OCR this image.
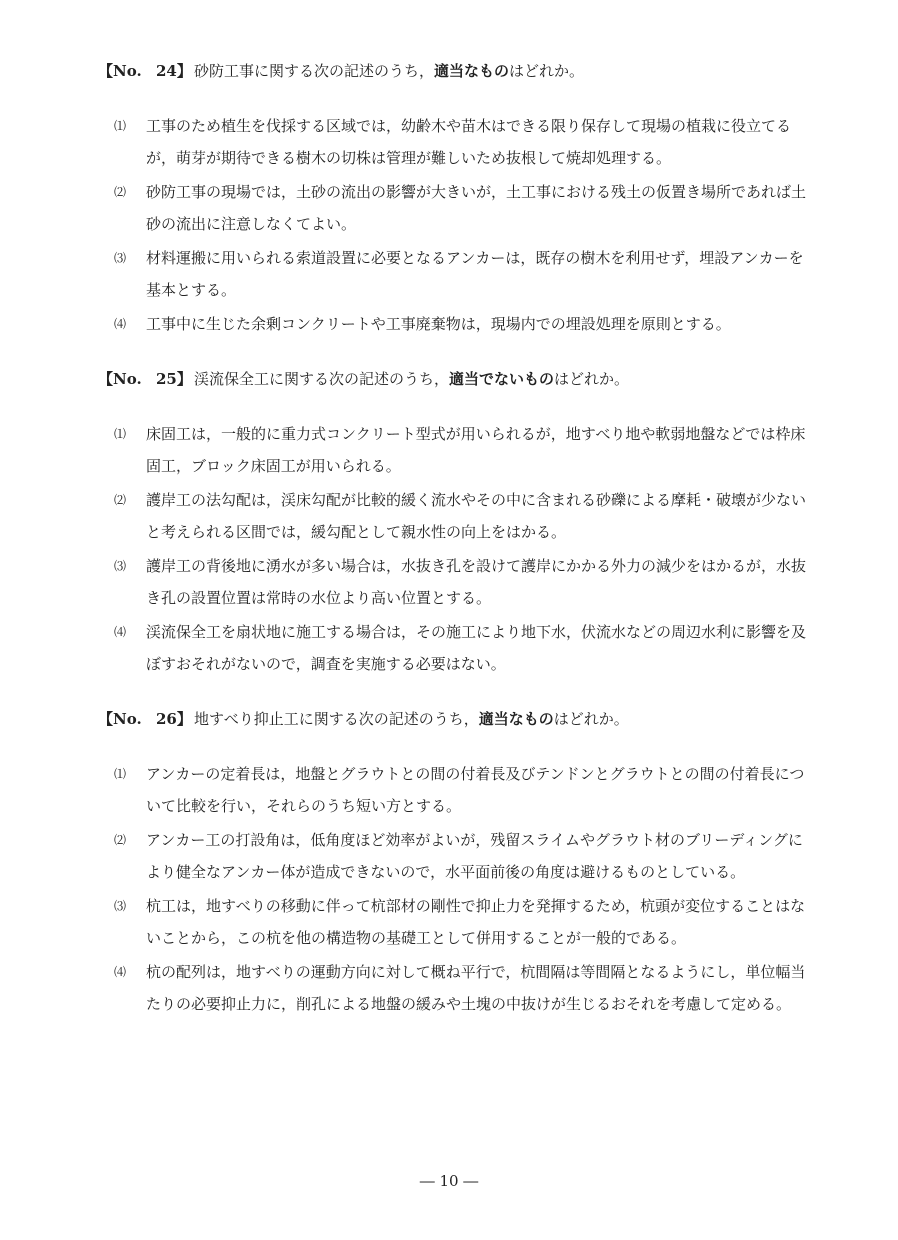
【No. 24】 砂防工事に関する次の記述のうち，適当なものはどれか。
⑴ 工事のため植生を伐採する区域では，幼齢木や苗木はできる限り保存して現場の植栽に役立てるが，萌芽が期待できる樹木の切株は管理が難しいため抜根して焼却処理する。
⑵ 砂防工事の現場では，土砂の流出の影響が大きいが，土工事における残土の仮置き場所であれば土砂の流出に注意しなくてよい。
⑶ 材料運搬に用いられる索道設置に必要となるアンカーは，既存の樹木を利用せず，埋設アンカーを基本とする。
⑷ 工事中に生じた余剰コンクリートや工事廃棄物は，現場内での埋設処理を原則とする。
【No. 25】 渓流保全工に関する次の記述のうち，適当でないものはどれか。
⑴ 床固工は，一般的に重力式コンクリート型式が用いられるが，地すべり地や軟弱地盤などでは枠床固工，ブロック床固工が用いられる。
⑵ 護岸工の法勾配は，渓床勾配が比較的緩く流水やその中に含まれる砂礫による摩耗・破壊が少ないと考えられる区間では，緩勾配として親水性の向上をはかる。
⑶ 護岸工の背後地に湧水が多い場合は，水抜き孔を設けて護岸にかかる外力の減少をはかるが，水抜き孔の設置位置は常時の水位より高い位置とする。
⑷ 渓流保全工を扇状地に施工する場合は，その施工により地下水，伏流水などの周辺水利に影響を及ぼすおそれがないので，調査を実施する必要はない。
【No. 26】 地すべり抑止工に関する次の記述のうち，適当なものはどれか。
⑴ アンカーの定着長は，地盤とグラウトとの間の付着長及びテンドンとグラウトとの間の付着長について比較を行い，それらのうち短い方とする。
⑵ アンカー工の打設角は，低角度ほど効率がよいが，残留スライムやグラウト材のブリーディングにより健全なアンカー体が造成できないので，水平面前後の角度は避けるものとしている。
⑶ 杭工は，地すべりの移動に伴って杭部材の剛性で抑止力を発揮するため，杭頭が変位することはないことから，この杭を他の構造物の基礎工として併用することが一般的である。
⑷ 杭の配列は，地すべりの運動方向に対して概ね平行で，杭間隔は等間隔となるようにし，単位幅当たりの必要抑止力に，削孔による地盤の緩みや土塊の中抜けが生じるおそれを考慮して定める。
― 10 ―
